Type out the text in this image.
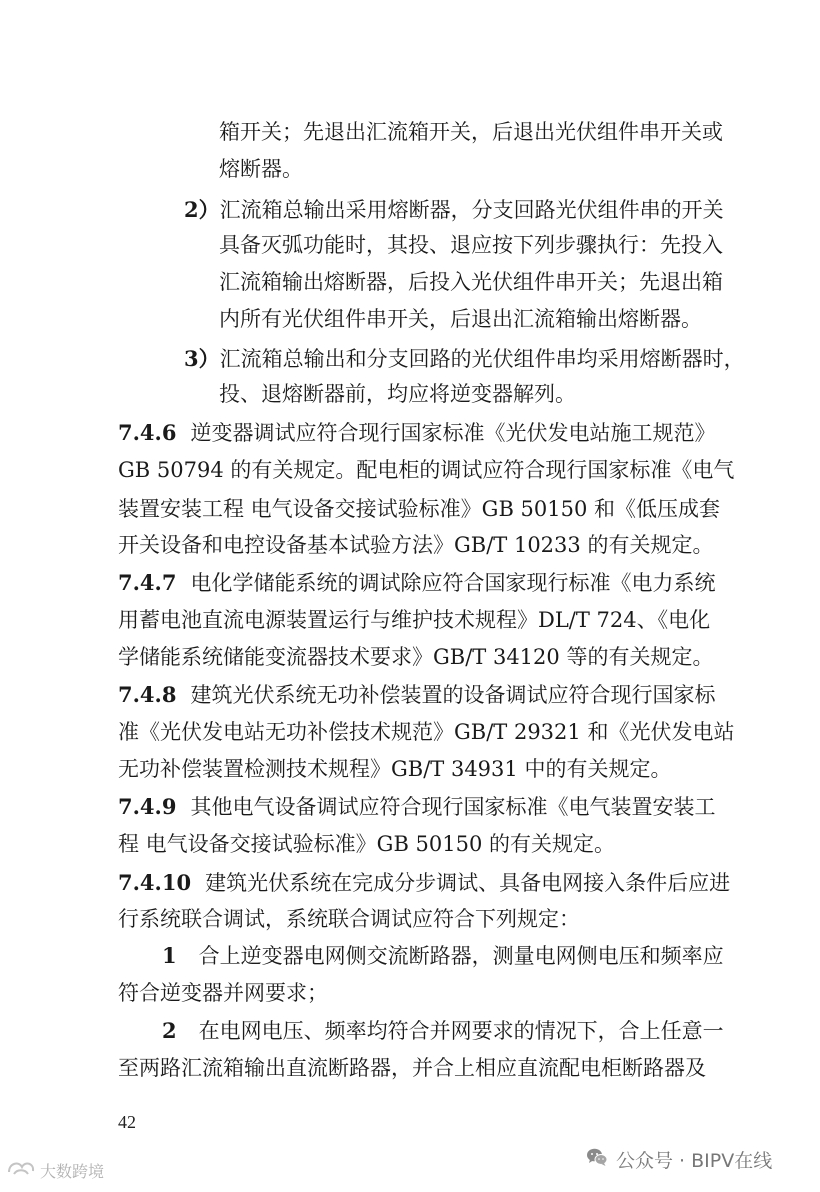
箱开关；先退出汇流箱开关，后退出光伏组件串开关或
熔断器。
2）汇流箱总输出采用熔断器，分支回路光伏组件串的开关
具备灭弧功能时，其投、退应按下列步骤执行：先投入
汇流箱输出熔断器，后投入光伏组件串开关；先退出箱
内所有光伏组件串开关，后退出汇流箱输出熔断器。
3）汇流箱总输出和分支回路的光伏组件串均采用熔断器时，
投、退熔断器前，均应将逆变器解列。
7.4.6 逆变器调试应符合现行国家标准《光伏发电站施工规范》
GB 50794 的有关规定。配电柜的调试应符合现行国家标准《电气
装置安装工程 电气设备交接试验标准》GB 50150 和《低压成套
开关设备和电控设备基本试验方法》GB/T 10233 的有关规定。
7.4.7 电化学储能系统的调试除应符合国家现行标准《电力系统
用蓄电池直流电源装置运行与维护技术规程》DL/T 724、《电化
学储能系统储能变流器技术要求》GB/T 34120 等的有关规定。
7.4.8 建筑光伏系统无功补偿装置的设备调试应符合现行国家标
准《光伏发电站无功补偿技术规范》GB/T 29321 和《光伏发电站
无功补偿装置检测技术规程》GB/T 34931 中的有关规定。
7.4.9 其他电气设备调试应符合现行国家标准《电气装置安装工
程 电气设备交接试验标准》GB 50150 的有关规定。
7.4.10 建筑光伏系统在完成分步调试、具备电网接入条件后应进
行系统联合调试，系统联合调试应符合下列规定：
1 合上逆变器电网侧交流断路器，测量电网侧电压和频率应
符合逆变器并网要求；
2 在电网电压、频率均符合并网要求的情况下，合上任意一
至两路汇流箱输出直流断路器，并合上相应直流配电柜断路器及
42
公众号 · BIPV在线
大数跨境
